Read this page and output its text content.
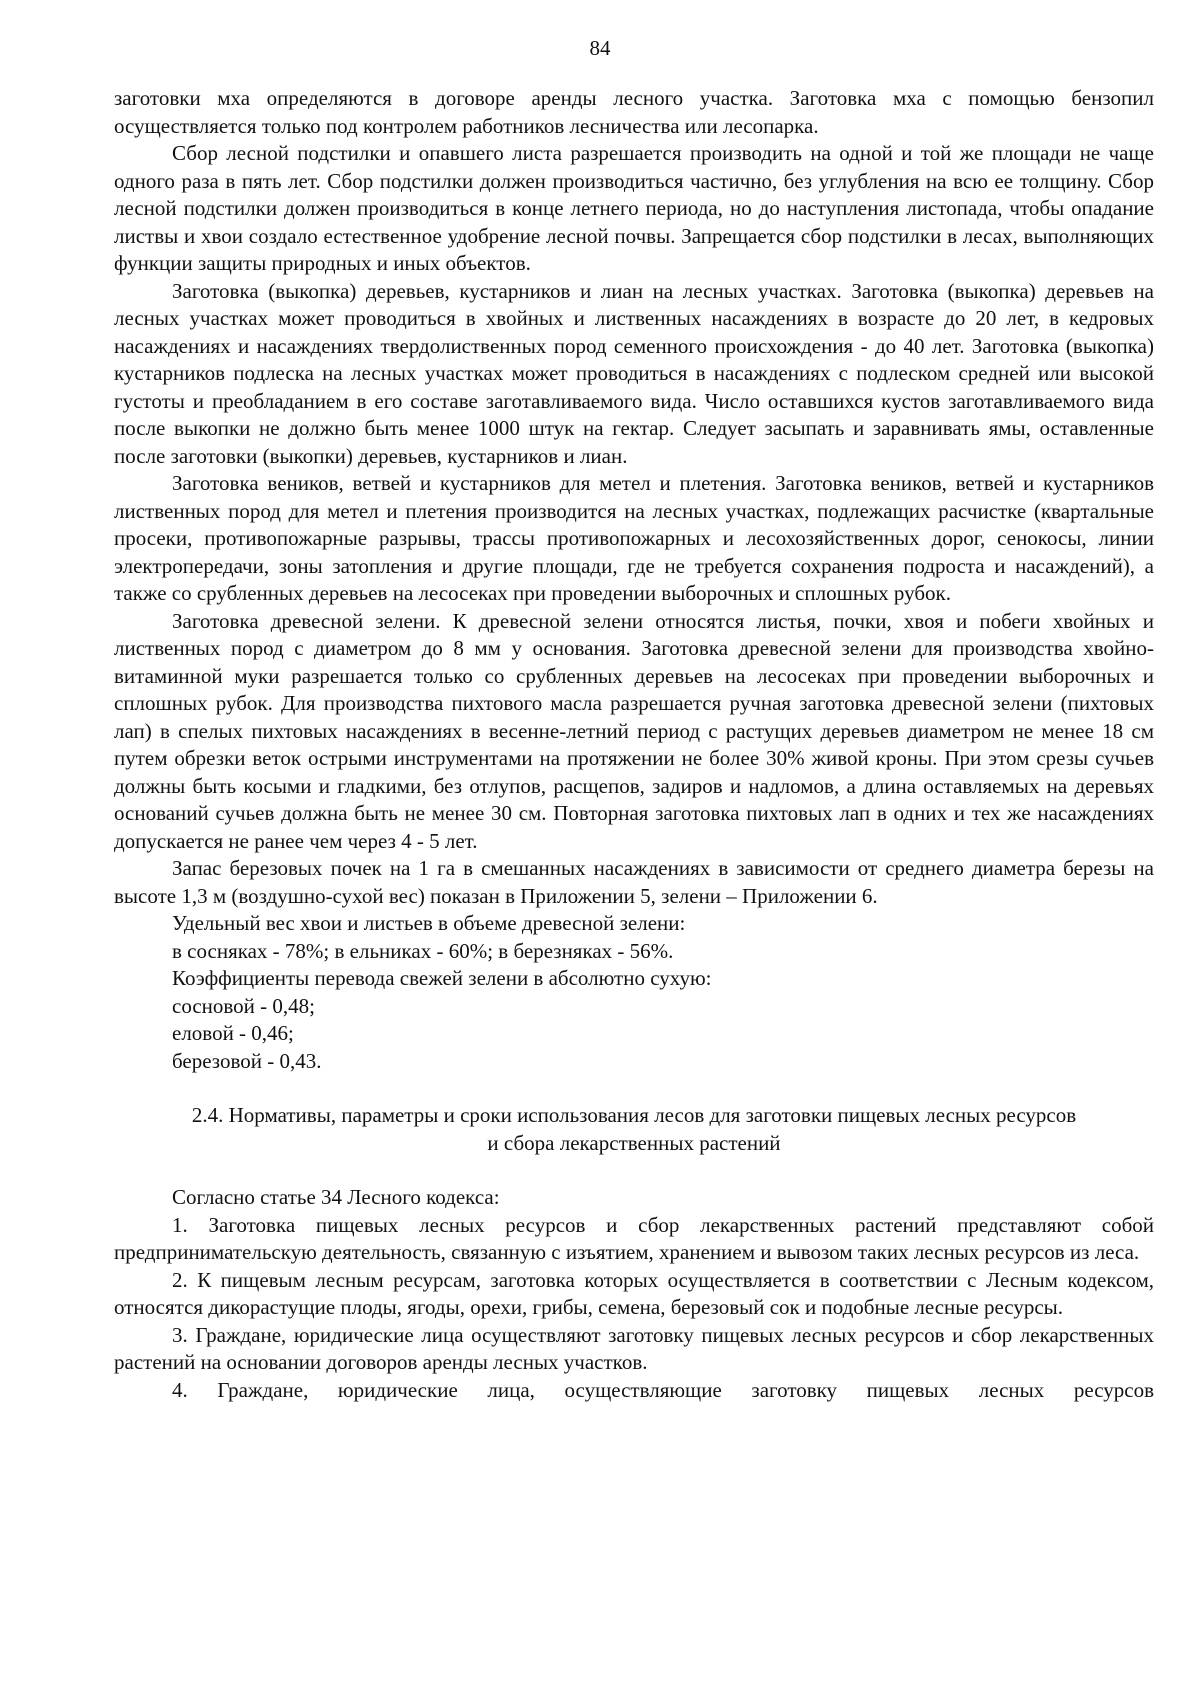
84

заготовки мха определяются в договоре аренды лесного участка. Заготовка мха с помощью бензопил осуществляется только под контролем работников лесничества или лесопарка.

Сбор лесной подстилки и опавшего листа разрешается производить на одной и той же площади не чаще одного раза в пять лет. Сбор подстилки должен производиться частично, без углубления на всю ее толщину. Сбор лесной подстилки должен производиться в конце летнего периода, но до наступления листопада, чтобы опадание листвы и хвои создало естественное удобрение лесной почвы. Запрещается сбор подстилки в лесах, выполняющих функции защиты природных и иных объектов.

Заготовка (выкопка) деревьев, кустарников и лиан на лесных участках. Заготовка (выкопка) деревьев на лесных участках может проводиться в хвойных и лиственных насаждениях в возрасте до 20 лет, в кедровых насаждениях и насаждениях твердолиственных пород семенного происхождения - до 40 лет. Заготовка (выкопка) кустарников подлеска на лесных участках может проводиться в насаждениях с подлеском средней или высокой густоты и преобладанием в его составе заготавливаемого вида. Число оставшихся кустов заготавливаемого вида после выкопки не должно быть менее 1000 штук на гектар. Следует засыпать и заравнивать ямы, оставленные после заготовки (выкопки) деревьев, кустарников и лиан.

Заготовка веников, ветвей и кустарников для метел и плетения. Заготовка веников, ветвей и кустарников лиственных пород для метел и плетения производится на лесных участках, подлежащих расчистке (квартальные просеки, противопожарные разрывы, трассы противопожарных и лесохозяйственных дорог, сенокосы, линии электропередачи, зоны затопления и другие площади, где не требуется сохранения подроста и насаждений), а также со срубленных деревьев на лесосеках при проведении выборочных и сплошных рубок.

Заготовка древесной зелени. К древесной зелени относятся листья, почки, хвоя и побеги хвойных и лиственных пород с диаметром до 8 мм у основания. Заготовка древесной зелени для производства хвойно-витаминной муки разрешается только со срубленных деревьев на лесосеках при проведении выборочных и сплошных рубок. Для производства пихтового масла разрешается ручная заготовка древесной зелени (пихтовых лап) в спелых пихтовых насаждениях в весенне-летний период с растущих деревьев диаметром не менее 18 см путем обрезки веток острыми инструментами на протяжении не более 30% живой кроны. При этом срезы сучьев должны быть косыми и гладкими, без отлупов, расщепов, задиров и надломов, а длина оставляемых на деревьях оснований сучьев должна быть не менее 30 см. Повторная заготовка пихтовых лап в одних и тех же насаждениях допускается не ранее чем через 4 - 5 лет.

Запас березовых почек на 1 га в смешанных насаждениях в зависимости от среднего диаметра березы на высоте 1,3 м (воздушно-сухой вес) показан в Приложении 5, зелени – Приложении 6.

Удельный вес хвои и листьев в объеме древесной зелени:

в сосняках - 78%; в ельниках - 60%; в березняках - 56%.

Коэффициенты перевода свежей зелени в абсолютно сухую:

сосновой - 0,48;

еловой - 0,46;

березовой - 0,43.

2.4. Нормативы, параметры и сроки использования лесов для заготовки пищевых лесных ресурсов

и сбора лекарственных растений

Согласно статье 34 Лесного кодекса:

1. Заготовка пищевых лесных ресурсов и сбор лекарственных растений представляют собой предпринимательскую деятельность, связанную с изъятием, хранением и вывозом таких лесных ресурсов из леса.

2. К пищевым лесным ресурсам, заготовка которых осуществляется в соответствии с Лесным кодексом, относятся дикорастущие плоды, ягоды, орехи, грибы, семена, березовый сок и подобные лесные ресурсы.

3. Граждане, юридические лица осуществляют заготовку пищевых лесных ресурсов и сбор лекарственных растений на основании договоров аренды лесных участков.

4. Граждане, юридические лица, осуществляющие заготовку пищевых лесных ресурсов
